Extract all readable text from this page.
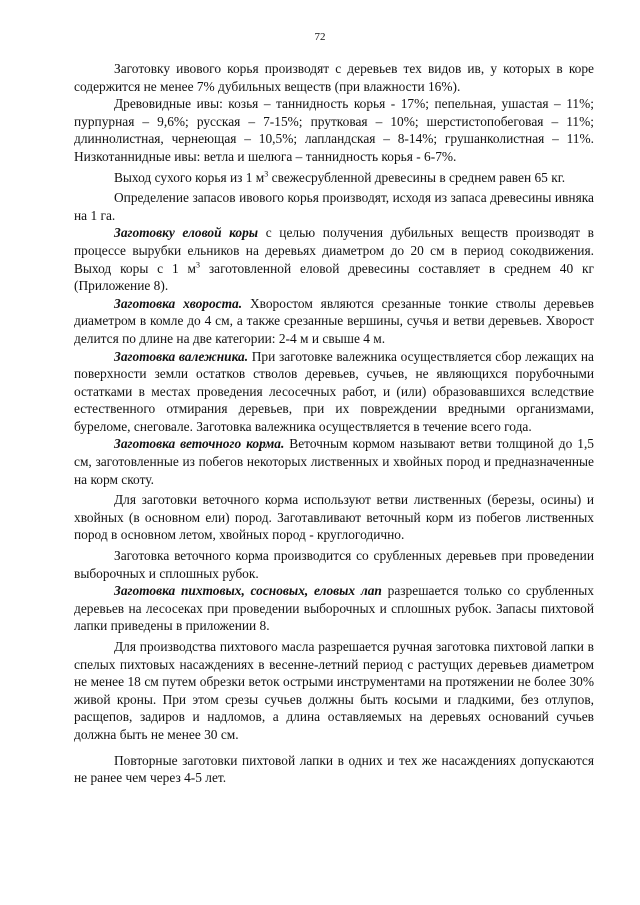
72

Заготовку ивового корья производят с деревьев тех видов ив, у которых в коре содержится не менее 7% дубильных веществ (при влажности 16%).

Древовидные ивы: козья – таннидность корья - 17%; пепельная, ушастая – 11%; пурпурная – 9,6%; русская – 7-15%; прутковая – 10%; шерстистопобеговая – 11%; длиннолистная, чернеющая – 10,5%; лапландская – 8-14%; грушанколистная – 11%. Низкотаннидные ивы: ветла и шелюга – таннидность корья - 6-7%.

Выход сухого корья из 1 $м^3$ свежесрубленной древесины в среднем равен 65 кг.

Определение запасов ивового корья производят, исходя из запаса древесины ивняка на 1 га.

Заготовку еловой коры с целью получения дубильных веществ производят в процессе вырубки ельников на деревьях диаметром до 20 см в период сокодвижения. Выход коры с 1 $м^3$ заготовленной еловой древесины составляет в среднем 40 кг (Приложение 8).

Заготовка хвороста. Хворостом являются срезанные тонкие стволы деревьев диаметром в комле до 4 см, а также срезанные вершины, сучья и ветви деревьев. Хворост делится по длине на две категории: 2-4 м и свыше 4 м.

Заготовка валежника. При заготовке валежника осуществляется сбор лежащих на поверхности земли остатков стволов деревьев, сучьев, не являющихся порубочными остатками в местах проведения лесосечных работ, и (или) образовавшихся вследствие естественного отмирания деревьев, при их повреждении вредными организмами, буреломе, снеговале. Заготовка валежника осуществляется в течение всего года.

Заготовка веточного корма. Веточным кормом называют ветви толщиной до 1,5 см, заготовленные из побегов некоторых лиственных и хвойных пород и предназначенные на корм скоту.

Для заготовки веточного корма используют ветви лиственных (березы, осины) и хвойных (в основном ели) пород. Заготавливают веточный корм из побегов лиственных пород в основном летом, хвойных пород - круглогодично.

Заготовка веточного корма производится со срубленных деревьев при проведении выборочных и сплошных рубок.

Заготовка пихтовых, сосновых, еловых лап разрешается только со срубленных деревьев на лесосеках при проведении выборочных и сплошных рубок. Запасы пихтовой лапки приведены в приложении 8.

Для производства пихтового масла разрешается ручная заготовка пихтовой лапки в спелых пихтовых насаждениях в весенне-летний период с растущих деревьев диаметром не менее 18 см путем обрезки веток острыми инструментами на протяжении не более 30% живой кроны. При этом срезы сучьев должны быть косыми и гладкими, без отлупов, расщепов, задиров и надломов, а длина оставляемых на деревьях оснований сучьев должна быть не менее 30 см.

Повторные заготовки пихтовой лапки в одних и тех же насаждениях допускаются не ранее чем через 4-5 лет.
